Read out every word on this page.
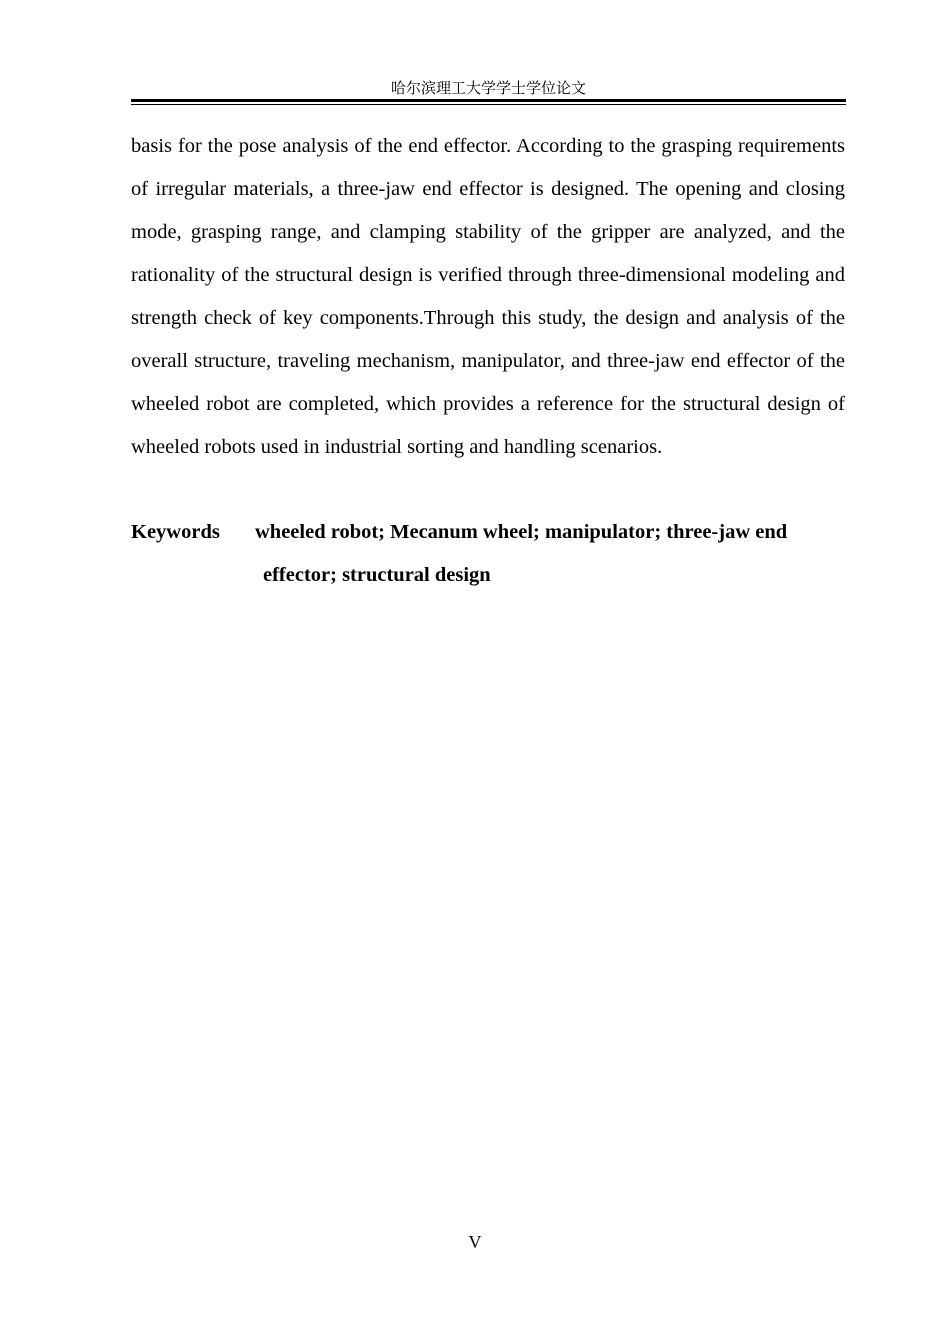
哈尔滨理工大学学士学位论文

basis for the pose analysis of the end effector. According to the grasping requirements of irregular materials, a three-jaw end effector is designed. The opening and closing mode, grasping range, and clamping stability of the gripper are analyzed, and the rationality of the structural design is verified through three-dimensional modeling and strength check of key components.Through this study, the design and analysis of the overall structure, traveling mechanism, manipulator, and three-jaw end effector of the wheeled robot are completed, which provides a reference for the structural design of wheeled robots used in industrial sorting and handling scenarios.

Keywords	wheeled robot; Mecanum wheel; manipulator; three-jaw end
effector; structural design
V
